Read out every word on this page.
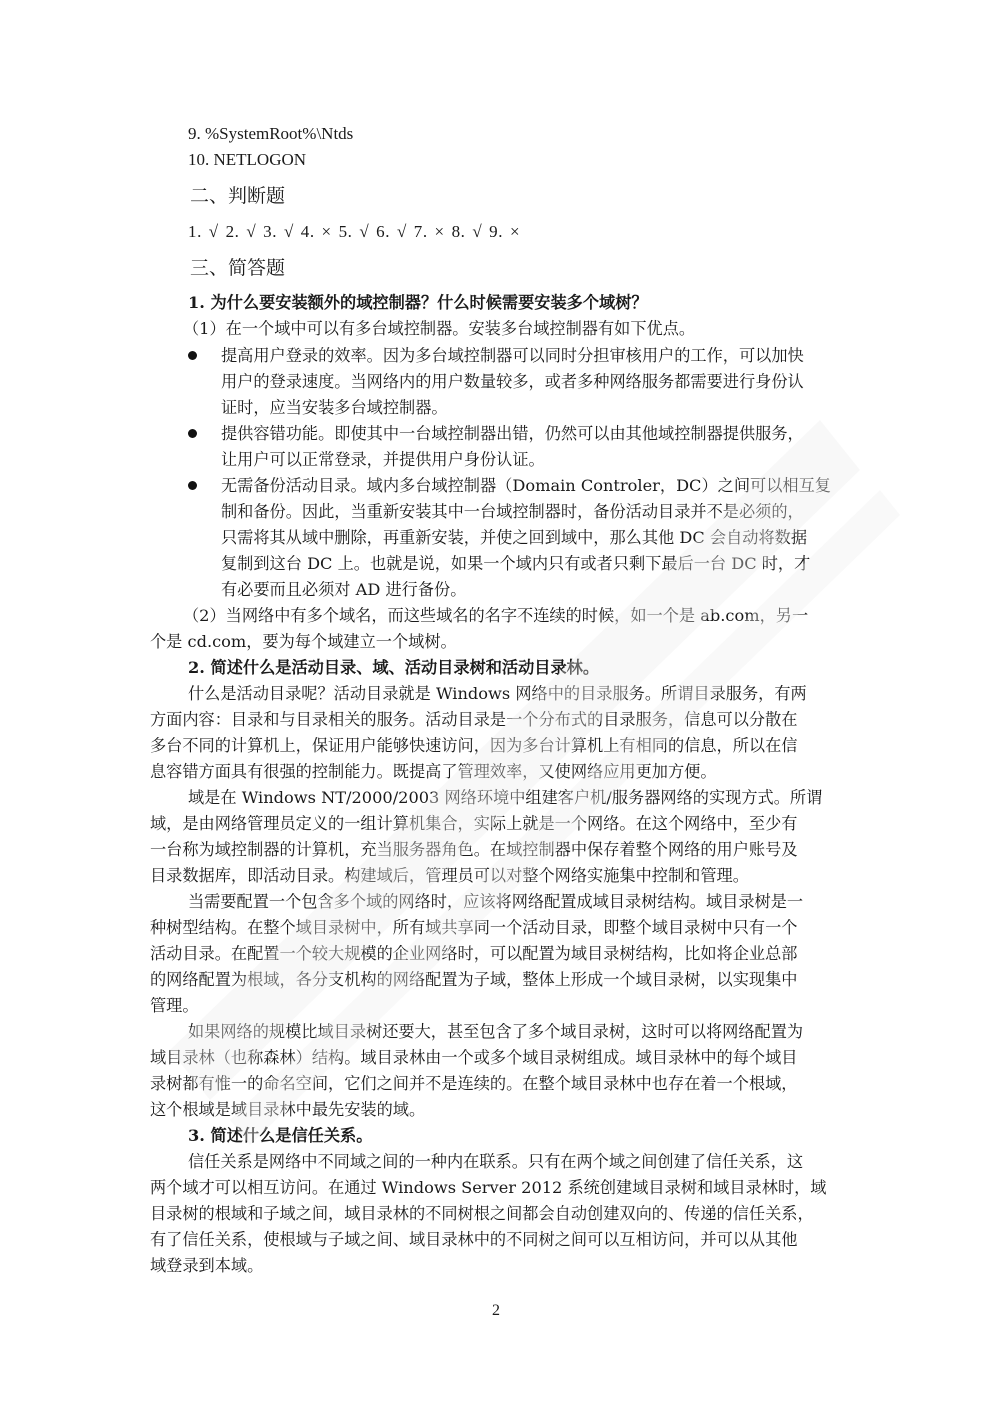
9. %SystemRoot%\Ntds
10. NETLOGON
二、判断题
1. √ 2. √ 3. √ 4. × 5. √ 6. √ 7. × 8. √ 9. ×
三、简答题
1. 为什么要安装额外的域控制器？什么时候需要安装多个域树？
（1）在一个域中可以有多台域控制器。安装多台域控制器有如下优点。
提高用户登录的效率。因为多台域控制器可以同时分担审核用户的工作，可以加快
用户的登录速度。当网络内的用户数量较多，或者多种网络服务都需要进行身份认
证时，应当安装多台域控制器。
提供容错功能。即使其中一台域控制器出错，仍然可以由其他域控制器提供服务，
让用户可以正常登录，并提供用户身份认证。
无需备份活动目录。域内多台域控制器（Domain Controler，DC）之间可以相互复
制和备份。因此，当重新安装其中一台域控制器时，备份活动目录并不是必须的，
只需将其从域中删除，再重新安装，并使之回到域中，那么其他 DC 会自动将数据
复制到这台 DC 上。也就是说，如果一个域内只有或者只剩下最后一台 DC 时，才
有必要而且必须对 AD 进行备份。
（2）当网络中有多个域名，而这些域名的名字不连续的时候，如一个是 ab.com，另一
个是 cd.com，要为每个域建立一个域树。
2. 简述什么是活动目录、域、活动目录树和活动目录林。
什么是活动目录呢？活动目录就是 Windows 网络中的目录服务。所谓目录服务，有两
方面内容：目录和与目录相关的服务。活动目录是一个分布式的目录服务，信息可以分散在
多台不同的计算机上，保证用户能够快速访问，因为多台计算机上有相同的信息，所以在信
息容错方面具有很强的控制能力。既提高了管理效率，又使网络应用更加方便。
域是在 Windows NT/2000/2003 网络环境中组建客户机/服务器网络的实现方式。所谓
域，是由网络管理员定义的一组计算机集合，实际上就是一个网络。在这个网络中，至少有
一台称为域控制器的计算机，充当服务器角色。在域控制器中保存着整个网络的用户账号及
目录数据库，即活动目录。构建域后，管理员可以对整个网络实施集中控制和管理。
当需要配置一个包含多个域的网络时，应该将网络配置成域目录树结构。域目录树是一
种树型结构。在整个域目录树中，所有域共享同一个活动目录，即整个域目录树中只有一个
活动目录。在配置一个较大规模的企业网络时，可以配置为域目录树结构，比如将企业总部
的网络配置为根域，各分支机构的网络配置为子域，整体上形成一个域目录树，以实现集中
管理。
如果网络的规模比域目录树还要大，甚至包含了多个域目录树，这时可以将网络配置为
域目录林（也称森林）结构。域目录林由一个或多个域目录树组成。域目录林中的每个域目
录树都有惟一的命名空间，它们之间并不是连续的。在整个域目录林中也存在着一个根域，
这个根域是域目录林中最先安装的域。
3. 简述什么是信任关系。
信任关系是网络中不同域之间的一种内在联系。只有在两个域之间创建了信任关系，这
两个域才可以相互访问。在通过 Windows Server 2012 系统创建域目录树和域目录林时，域
目录树的根域和子域之间，域目录林的不同树根之间都会自动创建双向的、传递的信任关系，
有了信任关系，使根域与子域之间、域目录林中的不同树之间可以互相访问，并可以从其他
域登录到本域。
2
